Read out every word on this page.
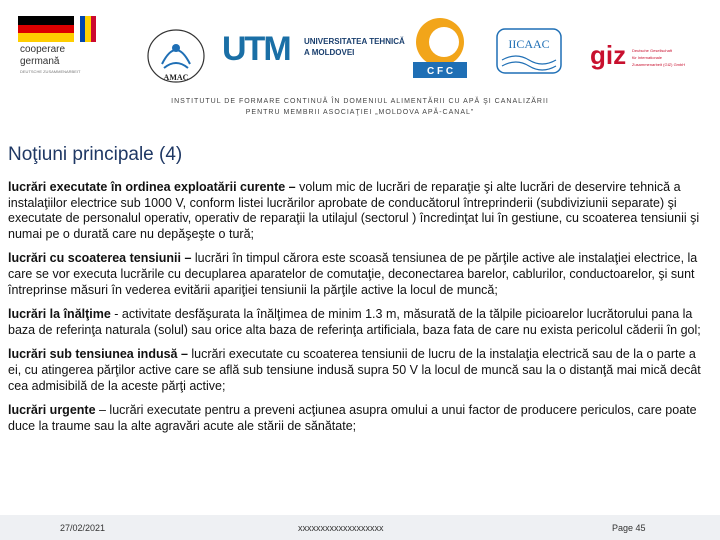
cooperare
germană
DEUTSCHE ZUSAMMENARBEIT
AMAC
UTM UNIVERSITATEA TEHNICĂ
A MOLDOVEI
C F C
IICAAC giz Deutsche Gesellschaft
für Internationale
Zusammenarbeit (GIZ) GmbH
INSTITUTUL DE FORMARE CONTINUĂ ÎN DOMENIUL ALIMENTĂRII CU APĂ ŞI CANALIZĂRII
PENTRU MEMBRII ASOCIAŢIEI „MOLDOVA APĂ-CANAL”
Noţiuni principale (4)

lucrări executate în ordinea exploatării curente – volum mic de lucrări de reparaţie şi alte lucrări de deservire tehnică a instalaţiilor electrice sub 1000 V, conform listei lucrărilor aprobate de conducătorul întreprinderii (subdiviziunii separate) şi executate de personalul operativ, operativ de reparaţii la utilajul (sectorul ) încredinţat lui în gestiune, cu scoaterea tensiunii şi numai pe o durată care nu depăşeşte o tură;

lucrări cu scoaterea tensiunii – lucrări în timpul cărora este scoasă tensiunea de pe părţile active ale instalaţiei electrice, la care se vor executa lucrările cu decuplarea aparatelor de comutaţie, deconectarea barelor, cablurilor, conductoarelor, şi sunt întreprinse măsuri în vederea evitării apariţiei tensiunii la părţile active la locul de muncă;

lucrări la înălţime - activitate desfăşurata la înălţimea de minim 1.3 m, măsurată de la tălpile picioarelor lucrătorului pana la baza de referinţa naturala (solul) sau orice alta baza de referinţa artificiala, baza fata de care nu exista pericolul căderii în gol;

lucrări sub tensiunea indusă – lucrări executate cu scoaterea tensiunii de lucru de la instalaţia electrică sau de la o parte a ei, cu atingerea părţilor active care se află sub tensiune indusă supra 50 V la locul de muncă sau la o distanţă mai mică decât cea admisibilă de la aceste părţi active;

lucrări urgente – lucrări executate pentru a preveni acţiunea asupra omului a unui factor de producere periculos, care poate duce la traume sau la alte agravări acute ale stării de sănătate;

27/02/2021	xxxxxxxxxxxxxxxxxxx	Page 45
